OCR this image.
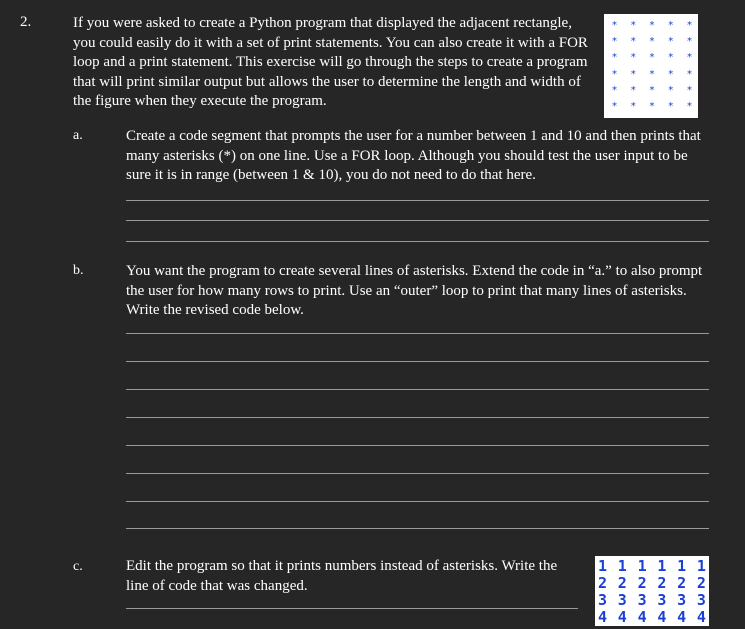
2.	If you were asked to create a Python program that displayed the adjacent rectangle, you could easily do it with a set of print statements. You can also create it with a FOR loop and a print statement. This exercise will go through the steps to create a program that will print similar output but allows the user to determine the length and width of the figure when they execute the program.
* * * * *
* * * * *
* * * * *
* * * * *
* * * * *
* * * * *
a.	Create a code segment that prompts the user for a number between 1 and 10 and then prints that many asterisks (*) on one line. Use a FOR loop. Although you should test the user input to be sure it is in range (between 1 & 10), you do not need to do that here.
b.	You want the program to create several lines of asterisks. Extend the code in “a.” to also prompt the user for how many rows to print. Use an “outer” loop to print that many lines of asterisks. Write the revised code below.
c.	Edit the program so that it prints numbers instead of asterisks. Write the line of code that was changed.
1 1 1 1 1 1
2 2 2 2 2 2
3 3 3 3 3 3
4 4 4 4 4 4
